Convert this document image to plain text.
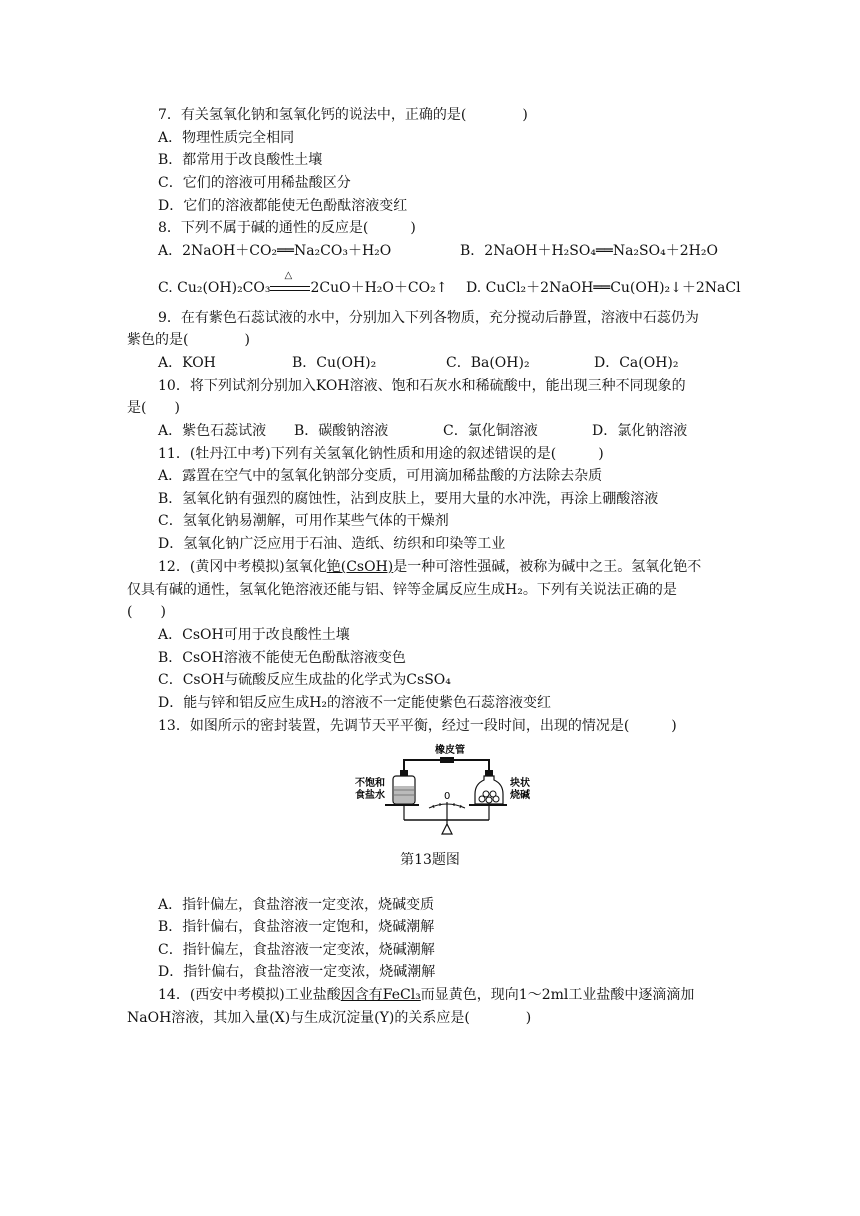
7．有关氢氧化钠和氢氧化钙的说法中，正确的是(　　　　)
A．物理性质完全相同
B．都常用于改良酸性土壤
C．它们的溶液可用稀盐酸区分
D．它们的溶液都能使无色酚酞溶液变红
8．下列不属于碱的通性的反应是(　　　)
A．2NaOH＋CO₂══Na₂CO₃＋H₂O	B．2NaOH＋H₂SO₄══Na₂SO₄＋2H₂O
C. Cu₂(OH)₂CO₃
△
2CuO＋H₂O＋CO₂↑ D. CuCl₂＋2NaOH══Cu(OH)₂↓＋2NaCl
9．在有紫色石蕊试液的水中，分别加入下列各物质，充分搅动后静置，溶液中石蕊仍为
紫色的是(　　　　)
A．KOH	B．Cu(OH)₂	C．Ba(OH)₂	D．Ca(OH)₂
10．将下列试剂分别加入KOH溶液、饱和石灰水和稀硫酸中，能出现三种不同现象的
是(　　)
A．紫色石蕊试液 B．碳酸钠溶液	C．氯化铜溶液	D．氯化钠溶液
11．(牡丹江中考)下列有关氢氧化钠性质和用途的叙述错误的是(　　　)
A．露置在空气中的氢氧化钠部分变质，可用滴加稀盐酸的方法除去杂质
B．氢氧化钠有强烈的腐蚀性，沾到皮肤上，要用大量的水冲洗，再涂上硼酸溶液
C．氢氧化钠易潮解，可用作某些气体的干燥剂
D．氢氧化钠广泛应用于石油、造纸、纺织和印染等工业
12．(黄冈中考模拟)氢氧化铯(CsOH)是一种可溶性强碱，被称为碱中之王。氢氧化铯不
仅具有碱的通性，氢氧化铯溶液还能与铝、锌等金属反应生成H₂。下列有关说法正确的是
(　　)
A．CsOH可用于改良酸性土壤
B．CsOH溶液不能使无色酚酞溶液变色
C．CsOH与硫酸反应生成盐的化学式为CsSO₄
D．能与锌和铝反应生成H₂的溶液不一定能使紫色石蕊溶液变红
13．如图所示的密封装置，先调节天平平衡，经过一段时间，出现的情况是(　　　)
橡皮管
不饱和
食盐水
块状
烧碱
0
第13题图
A．指针偏左，食盐溶液一定变浓，烧碱变质
B．指针偏右，食盐溶液一定饱和，烧碱潮解
C．指针偏左，食盐溶液一定变浓，烧碱潮解
D．指针偏右，食盐溶液一定变浓，烧碱潮解
14．(西安中考模拟)工业盐酸因含有FeCl₃而显黄色，现向1～2ml工业盐酸中逐滴滴加
NaOH溶液，其加入量(X)与生成沉淀量(Y)的关系应是(　　　　)
